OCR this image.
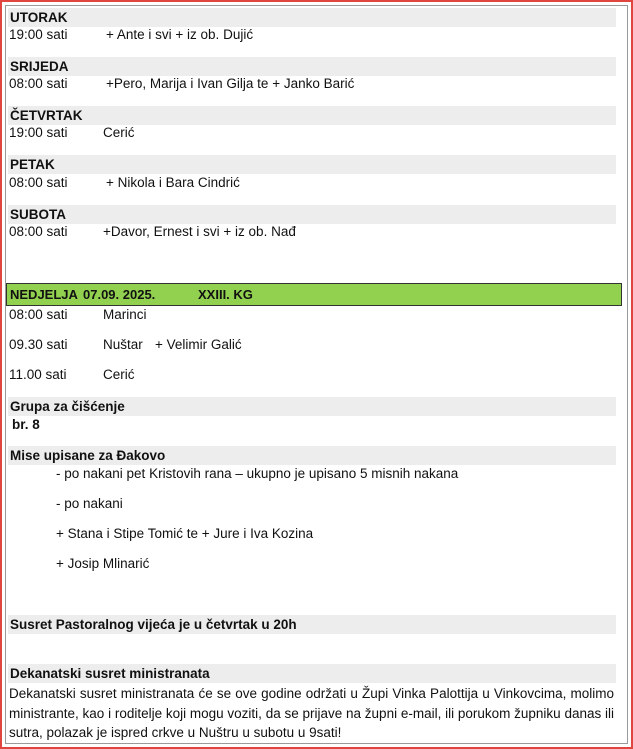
UTORAK
19:00 sati	+ Ante i svi + iz ob. Dujić
SRIJEDA
08:00 sati	+Pero, Marija i Ivan Gilja te + Janko Barić
ČETVRTAK
19:00 sati	Cerić
PETAK
08:00 sati	+ Nikola i Bara Cindrić
SUBOTA
08:00 sati	+Davor, Ernest i svi + iz ob. Nađ
NEDJELJA 07.09. 2025.	XXIII. KG
08:00 sati	Marinci
09.30 sati	Nuštar + Velimir Galić
11.00 sati	Cerić
Grupa za čišćenje
br. 8
Mise upisane za Đakovo
- po nakani pet Kristovih rana – ukupno je upisano 5 misnih nakana
- po nakani
+ Stana i Stipe Tomić te + Jure i Iva Kozina
+ Josip Mlinarić
Susret Pastoralnog vijeća je u četvrtak u 20h
Dekanatski susret ministranata
Dekanatski susret ministranata će se ove godine održati u Župi Vinka Palottija u Vinkovcima, molimo ministrante, kao i roditelje koji mogu voziti, da se prijave na župni e-mail, ili porukom župniku danas ili sutra, polazak je ispred crkve u Nuštru u subotu u 9sati!
